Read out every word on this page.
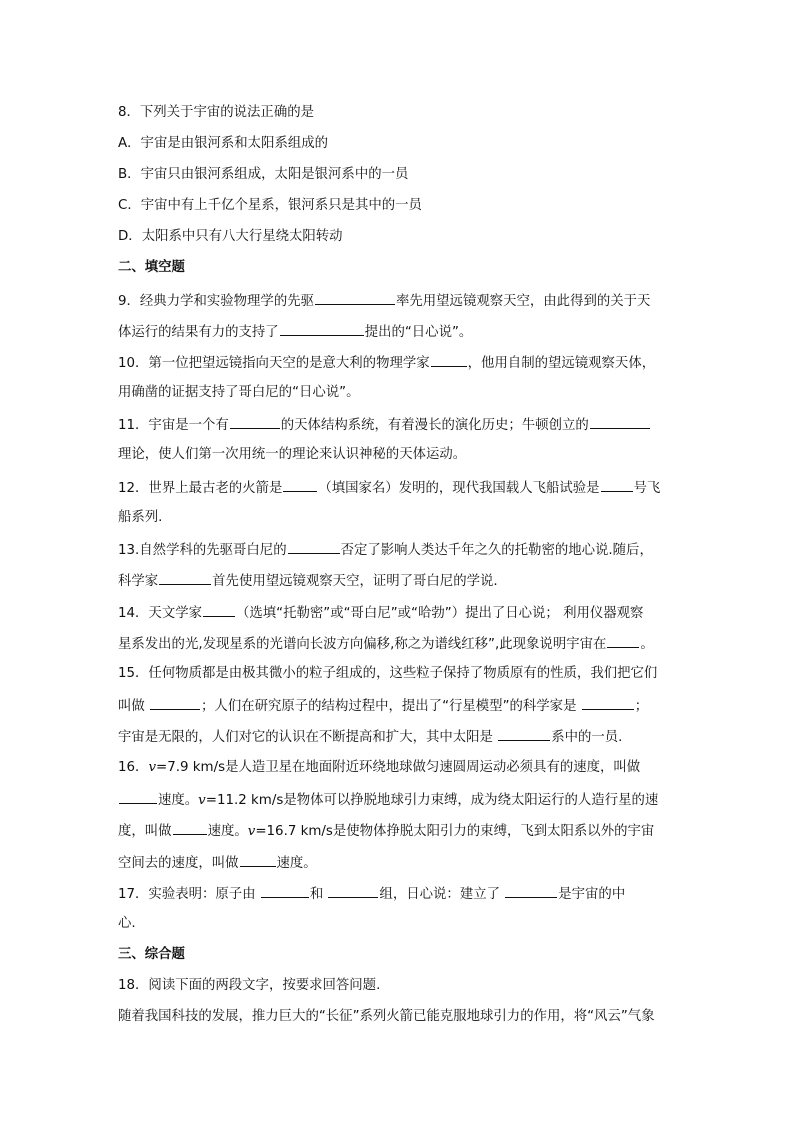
8．下列关于宇宙的说法正确的是
A．宇宙是由银河系和太阳系组成的
B．宇宙只由银河系组成，太阳是银河系中的一员
C．宇宙中有上千亿个星系，银河系只是其中的一员
D．太阳系中只有八大行星绕太阳转动
二、填空题
9．经典力学和实验物理学的先驱	率先用望远镜观察天空，由此得到的关于天
体运行的结果有力的支持了	提出的“日心说”。
10．第一位把望远镜指向天空的是意大利的物理学家	，他用自制的望远镜观察天体，
用确凿的证据支持了哥白尼的“日心说”。
11．宇宙是一个有	的天体结构系统，有着漫长的演化历史；牛顿创立的
理论，使人们第一次用统一的理论来认识神秘的天体运动。
12．世界上最古老的火箭是	（填国家名）发明的，现代我国载人飞船试验是	号飞
船系列.
13.自然学科的先驱哥白尼的	否定了影响人类达千年之久的托勒密的地心说.随后，
科学家	首先使用望远镜观察天空，证明了哥白尼的学说.
14．天文学家	（选填“托勒密”或“哥白尼”或“哈勃”）提出了日心说； 利用仪器观察
星系发出的光,发现星系的光谱向长波方向偏移,称之为谱线红移”,此现象说明宇宙在	。
15．任何物质都是由极其微小的粒子组成的，这些粒子保持了物质原有的性质，我们把它们
叫做	；人们在研究原子的结构过程中，提出了“行星模型”的科学家是	；
宇宙是无限的，人们对它的认识在不断提高和扩大，其中太阳是	系中的一员.
16．v=7.9 km/s是人造卫星在地面附近环绕地球做匀速圆周运动必须具有的速度，叫做
速度。v=11.2 km/s是物体可以挣脱地球引力束缚，成为绕太阳运行的人造行星的速
度，叫做	速度。v=16.7 km/s是使物体挣脱太阳引力的束缚，飞到太阳系以外的宇宙
空间去的速度，叫做	速度。
17．实验表明：原子由	和	组，日心说：建立了	是宇宙的中
心.
三、综合题
18．阅读下面的两段文字，按要求回答问题.
随着我国科技的发展，推力巨大的“长征”系列火箭已能克服地球引力的作用，将“风云”气象
